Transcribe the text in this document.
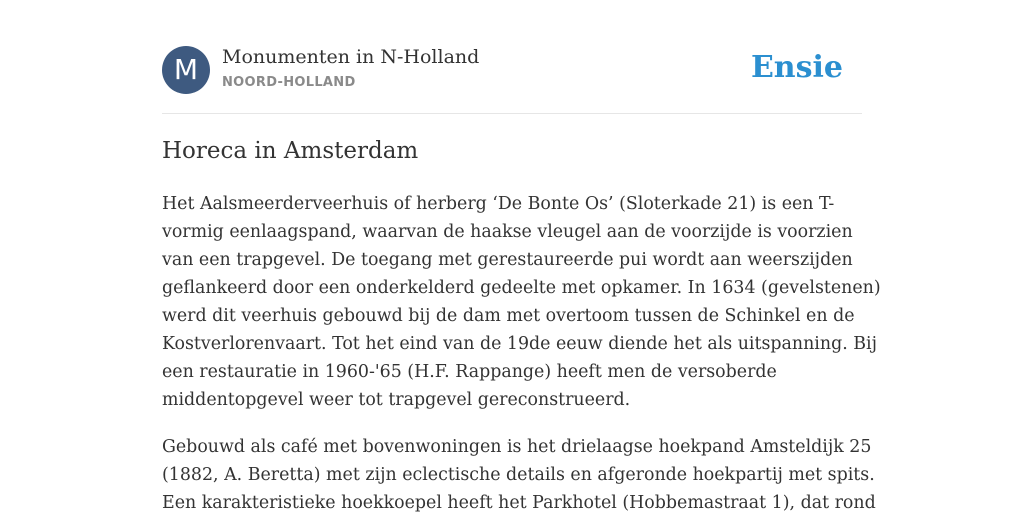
M	Monumenten in N-Holland
NOORD-HOLLAND	Ensie
Horeca in Amsterdam

Het Aalsmeerderveerhuis of herberg ‘De Bonte Os’ (Sloterkade 21) is een T-
vormig eenlaagspand, waarvan de haakse vleugel aan de voorzijde is voorzien
van een trapgevel. De toegang met gerestaureerde pui wordt aan weerszijden
geflankeerd door een onderkelderd gedeelte met opkamer. In 1634 (gevelstenen)
werd dit veerhuis gebouwd bij de dam met overtoom tussen de Schinkel en de
Kostverlorenvaart. Tot het eind van de 19de eeuw diende het als uitspanning. Bij
een restauratie in 1960-'65 (H.F. Rappange) heeft men de versoberde
middentopgevel weer tot trapgevel gereconstrueerd.

Gebouwd als café met bovenwoningen is het drielaagse hoekpand Amsteldijk 25
(1882, A. Beretta) met zijn eclectische details en afgeronde hoekpartij met spits.
Een karakteristieke hoekkoepel heeft het Parkhotel (Hobbemastraat 1), dat rond
